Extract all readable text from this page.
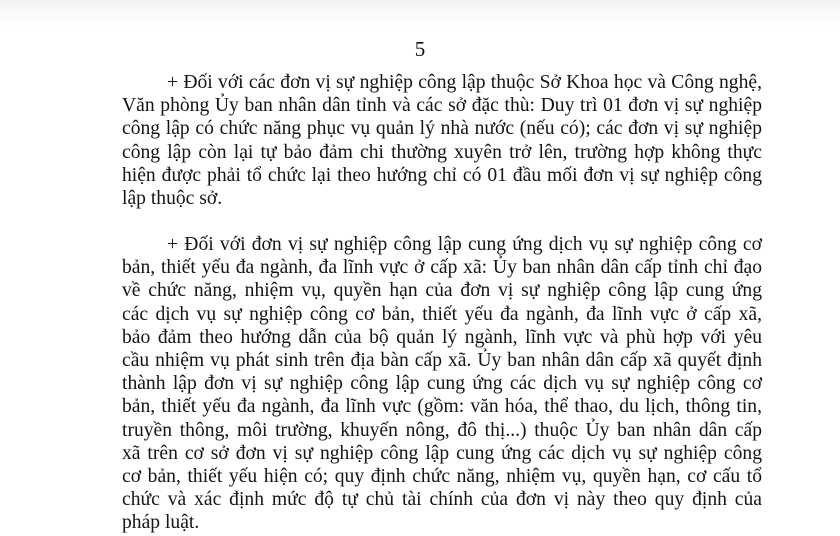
5

+ Đối với các đơn vị sự nghiệp công lập thuộc Sở Khoa học và Công nghệ,
Văn phòng Ủy ban nhân dân tỉnh và các sở đặc thù: Duy trì 01 đơn vị sự nghiệp
công lập có chức năng phục vụ quản lý nhà nước (nếu có); các đơn vị sự nghiệp
công lập còn lại tự bảo đảm chi thường xuyên trở lên, trường hợp không thực
hiện được phải tổ chức lại theo hướng chỉ có 01 đầu mối đơn vị sự nghiệp công
lập thuộc sở.

+ Đối với đơn vị sự nghiệp công lập cung ứng dịch vụ sự nghiệp công cơ
bản, thiết yếu đa ngành, đa lĩnh vực ở cấp xã: Ủy ban nhân dân cấp tỉnh chỉ đạo
về chức năng, nhiệm vụ, quyền hạn của đơn vị sự nghiệp công lập cung ứng
các dịch vụ sự nghiệp công cơ bản, thiết yếu đa ngành, đa lĩnh vực ở cấp xã,
bảo đảm theo hướng dẫn của bộ quản lý ngành, lĩnh vực và phù hợp với yêu
cầu nhiệm vụ phát sinh trên địa bàn cấp xã. Ủy ban nhân dân cấp xã quyết định
thành lập đơn vị sự nghiệp công lập cung ứng các dịch vụ sự nghiệp công cơ
bản, thiết yếu đa ngành, đa lĩnh vực (gồm: văn hóa, thể thao, du lịch, thông tin,
truyền thông, môi trường, khuyến nông, đô thị...) thuộc Ủy ban nhân dân cấp
xã trên cơ sở đơn vị sự nghiệp công lập cung ứng các dịch vụ sự nghiệp công
cơ bản, thiết yếu hiện có; quy định chức năng, nhiệm vụ, quyền hạn, cơ cấu tổ
chức và xác định mức độ tự chủ tài chính của đơn vị này theo quy định của
pháp luật.
